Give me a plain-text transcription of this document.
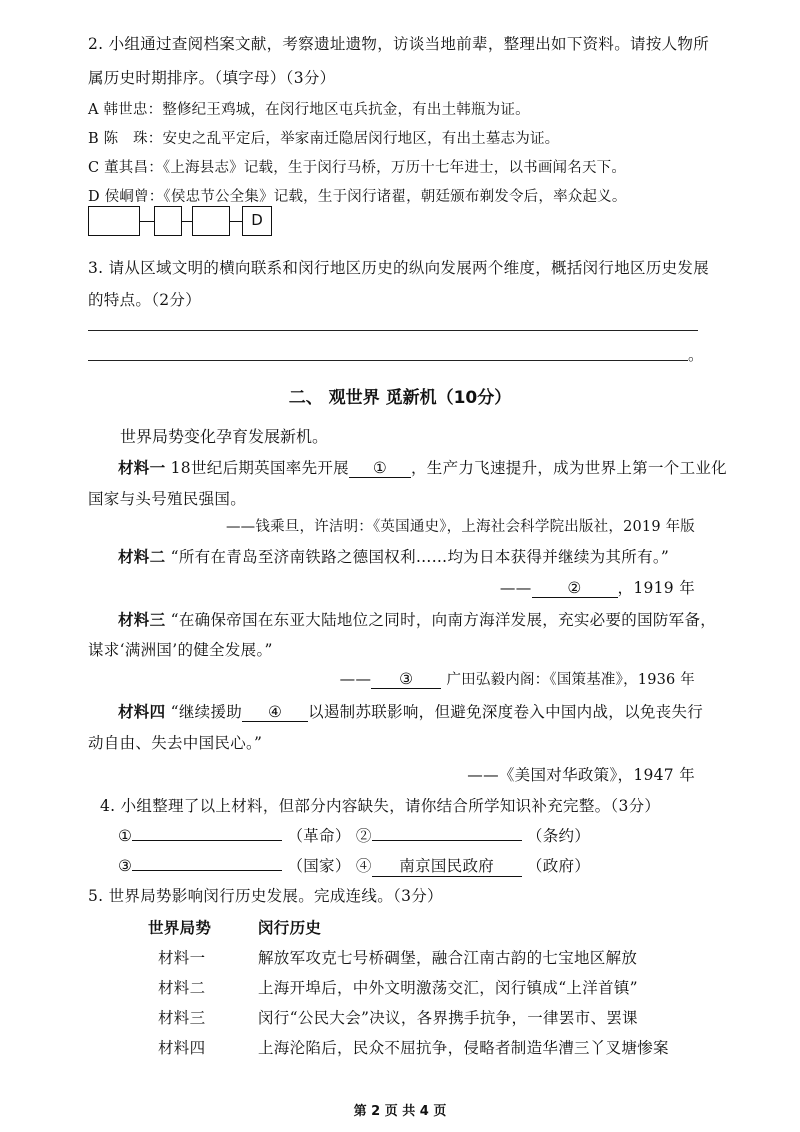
2. 小组通过查阅档案文献，考察遗址遗物，访谈当地前辈，整理出如下资料。请按人物所
属历史时期排序。（填字母）（3分）
A 韩世忠：整修纪王鸡城，在闵行地区屯兵抗金，有出土韩瓶为证。
B 陈　珠：安史之乱平定后，举家南迁隐居闵行地区，有出土墓志为证。
C 董其昌：《上海县志》记载，生于闵行马桥，万历十七年进士，以书画闻名天下。
D 侯峒曾：《侯忠节公全集》记载，生于闵行诸翟，朝廷颁布剃发令后，率众起义。
D
3. 请从区域文明的横向联系和闵行地区历史的纵向发展两个维度，概括闵行地区历史发展
的特点。（2分）
。
二、 观世界 觅新机（10分）
世界局势变化孕育发展新机。
材料一 18世纪后期英国率先开展 ① ，生产力飞速提升，成为世界上第一个工业化
国家与头号殖民强国。
——钱乘旦，许洁明：《英国通史》，上海社会科学院出版社，2019 年版
材料二 “所有在青岛至济南铁路之德国权利……均为日本获得并继续为其所有。”
—— ② ，1919 年
材料三 “在确保帝国在东亚大陆地位之同时，向南方海洋发展，充实必要的国防军备，
谋求‘满洲国’的健全发展。”
—— ③ 广田弘毅内阁：《国策基准》，1936 年
材料四 “继续援助 ④ 以遏制苏联影响，但避免深度卷入中国内战，以免丧失行
动自由、失去中国民心。”
——《美国对华政策》，1947 年
4. 小组整理了以上材料，但部分内容缺失，请你结合所学知识补充完整。（3分）
①	（革命） ②	（条约）
③	（国家） ④ 南京国民政府 （政府）
5. 世界局势影响闵行历史发展。完成连线。（3分）
世界局势	闵行历史
材料一	解放军攻克七号桥碉堡，融合江南古韵的七宝地区解放
材料二	上海开埠后，中外文明激荡交汇，闵行镇成“上洋首镇”
材料三	闵行“公民大会”决议，各界携手抗争，一律罢市、罢课
材料四	上海沦陷后，民众不屈抗争，侵略者制造华漕三丫叉塘惨案
第 2 页 共 4 页
